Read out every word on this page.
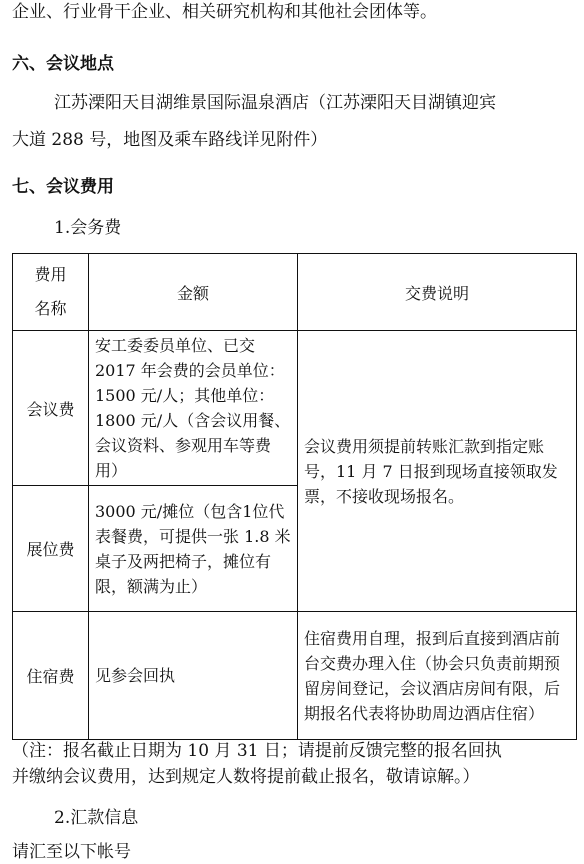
企业、行业骨干企业、相关研究机构和其他社会团体等。
六、会议地点
江苏溧阳天目湖维景国际温泉酒店（江苏溧阳天目湖镇迎宾
大道 288 号，地图及乘车路线详见附件）
七、会议费用
1.会务费
费用
名称	金额	交费说明
会议费	安工委委员单位、已交2017 年会费的会员单位：1500 元/人；其他单位：1800 元/人（含会议用餐、会议资料、参观用车等费用）	会议费用须提前转账汇款到指定账号，11 月 7 日报到现场直接领取发票，不接收现场报名。
展位费	3000 元/摊位（包含1位代表餐费，可提供一张 1.8 米桌子及两把椅子，摊位有限，额满为止）	
住宿费	见参会回执	住宿费用自理，报到后直接到酒店前台交费办理入住（协会只负责前期预留房间登记，会议酒店房间有限，后期报名代表将协助周边酒店住宿）
（注：报名截止日期为 10 月 31 日；请提前反馈完整的报名回执
并缴纳会议费用，达到规定人数将提前截止报名，敬请谅解。）
2.汇款信息
请汇至以下帐号
